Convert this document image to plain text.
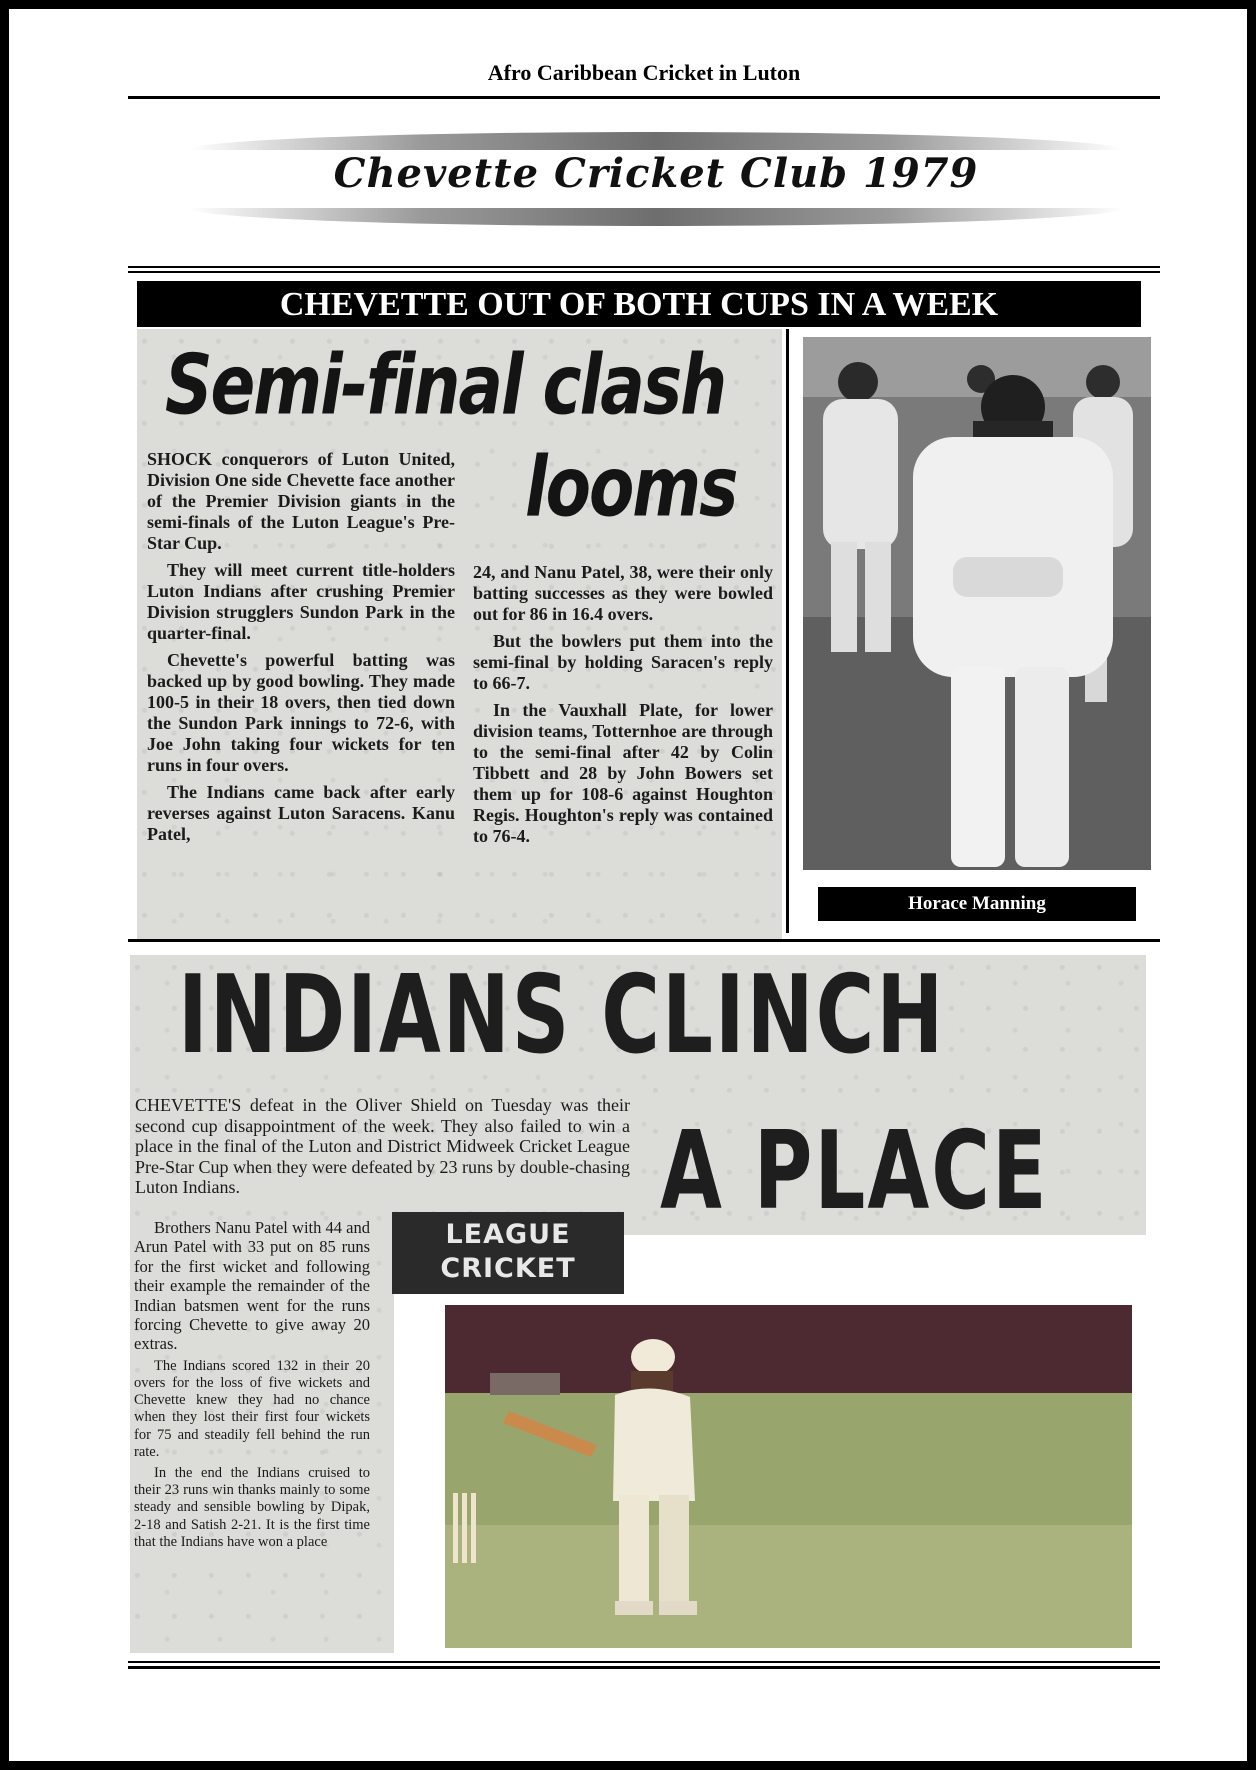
Afro Caribbean Cricket in Luton
Chevette Cricket Club 1979
CHEVETTE OUT OF BOTH CUPS IN A WEEK
Semi-final clash
looms

SHOCK conquerors of Luton United, Division One side Chevette face another of the Premier Division giants in the semi-finals of the Luton League's Pre-Star Cup.

They will meet current title-holders Luton Indians after crushing Premier Division strugglers Sundon Park in the quarter-final.

Chevette's powerful batting was backed up by good bowling. They made 100-5 in their 18 overs, then tied down the Sundon Park innings to 72-6, with Joe John taking four wickets for ten runs in four overs.

The Indians came back after early reverses against Luton Saracens. Kanu Patel,

24, and Nanu Patel, 38, were their only batting successes as they were bowled out for 86 in 16.4 overs.

But the bowlers put them into the semi-final by holding Saracen's reply to 66-7.

In the Vauxhall Plate, for lower division teams, Totternhoe are through to the semi-final after 42 by Colin Tibbett and 28 by John Bowers set them up for 108-6 against Houghton Regis. Houghton's reply was contained to 76-4.

Horace Manning
INDIANS CLINCH
A PLACE
CHEVETTE'S defeat in the Oliver Shield on Tuesday was their second cup disappointment of the week. They also failed to win a place in the final of the Luton and District Midweek Cricket League Pre-Star Cup when they were defeated by 23 runs by double-chasing Luton Indians.
LEAGUE
CRICKET

Brothers Nanu Patel with 44 and Arun Patel with 33 put on 85 runs for the first wicket and following their example the remainder of the Indian batsmen went for the runs forcing Chevette to give away 20 extras.

The Indians scored 132 in their 20 overs for the loss of five wickets and Chevette knew they had no chance when they lost their first four wickets for 75 and steadily fell behind the run rate.

In the end the Indians cruised to their 23 runs win thanks mainly to some steady and sensible bowling by Dipak, 2-18 and Satish 2-21. It is the first time that the Indians have won a place
